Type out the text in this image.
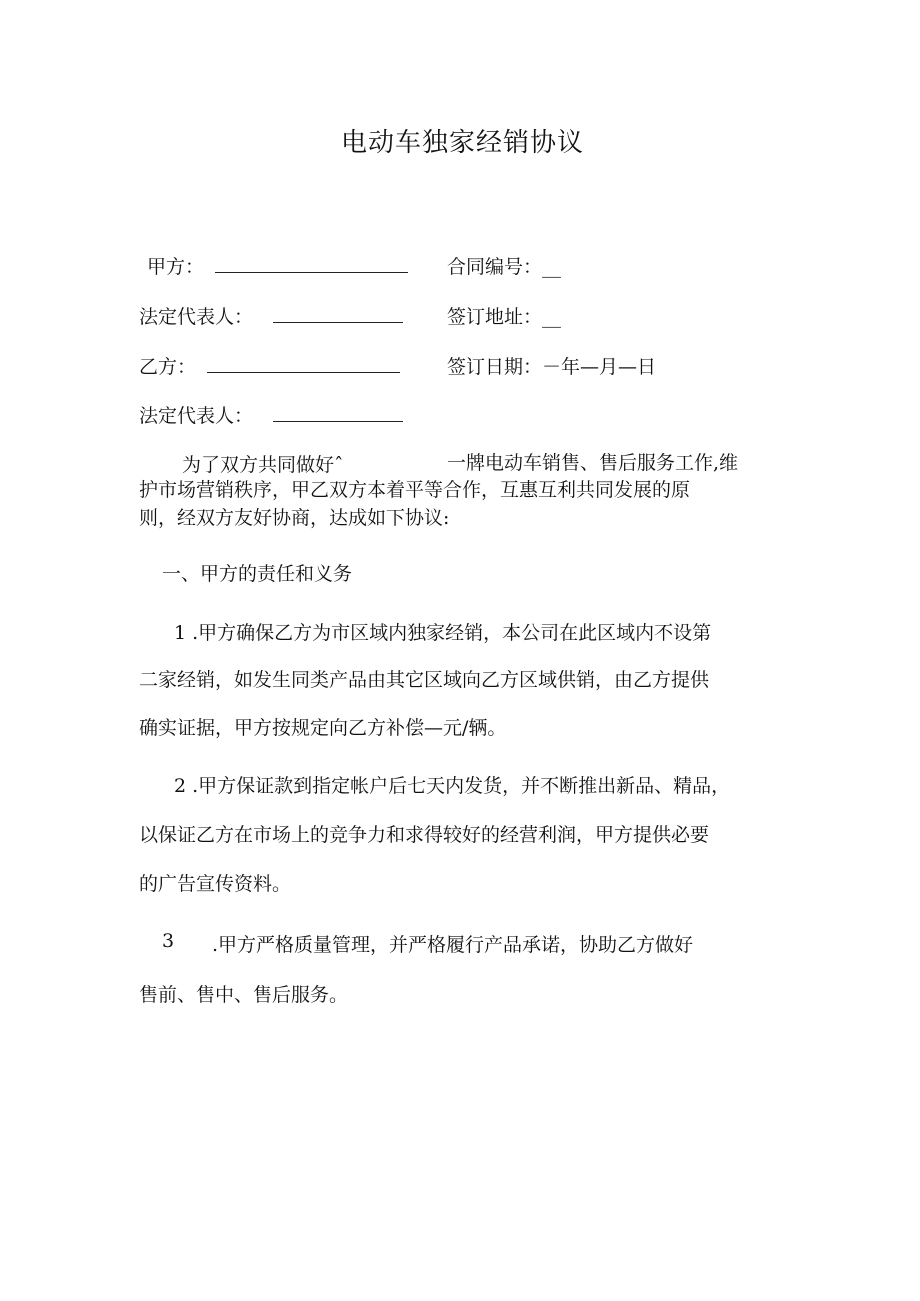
电动车独家经销协议
甲方：
法定代表人：
乙方：
法定代表人：
合同编号：__
签订地址：__
签订日期：－年—月—日
为了双方共同做好ˆ	一牌电动车销售、售后服务工作,维
护市场营销秩序，甲乙双方本着平等合作，互惠互利共同发展的原
则，经双方友好协商，达成如下协议:
一、甲方的责任和义务
1 .甲方确保乙方为市区域内独家经销，本公司在此区域内不设第
二家经销，如发生同类产品由其它区域向乙方区域供销，由乙方提供
确实证据，甲方按规定向乙方补偿—元/辆。
2 .甲方保证款到指定帐户后七天内发货，并不断推出新品、精品，
以保证乙方在市场上的竞争力和求得较好的经营利润，甲方提供必要
的广告宣传资料。
3 .甲方严格质量管理，并严格履行产品承诺，协助乙方做好
售前、售中、售后服务。
